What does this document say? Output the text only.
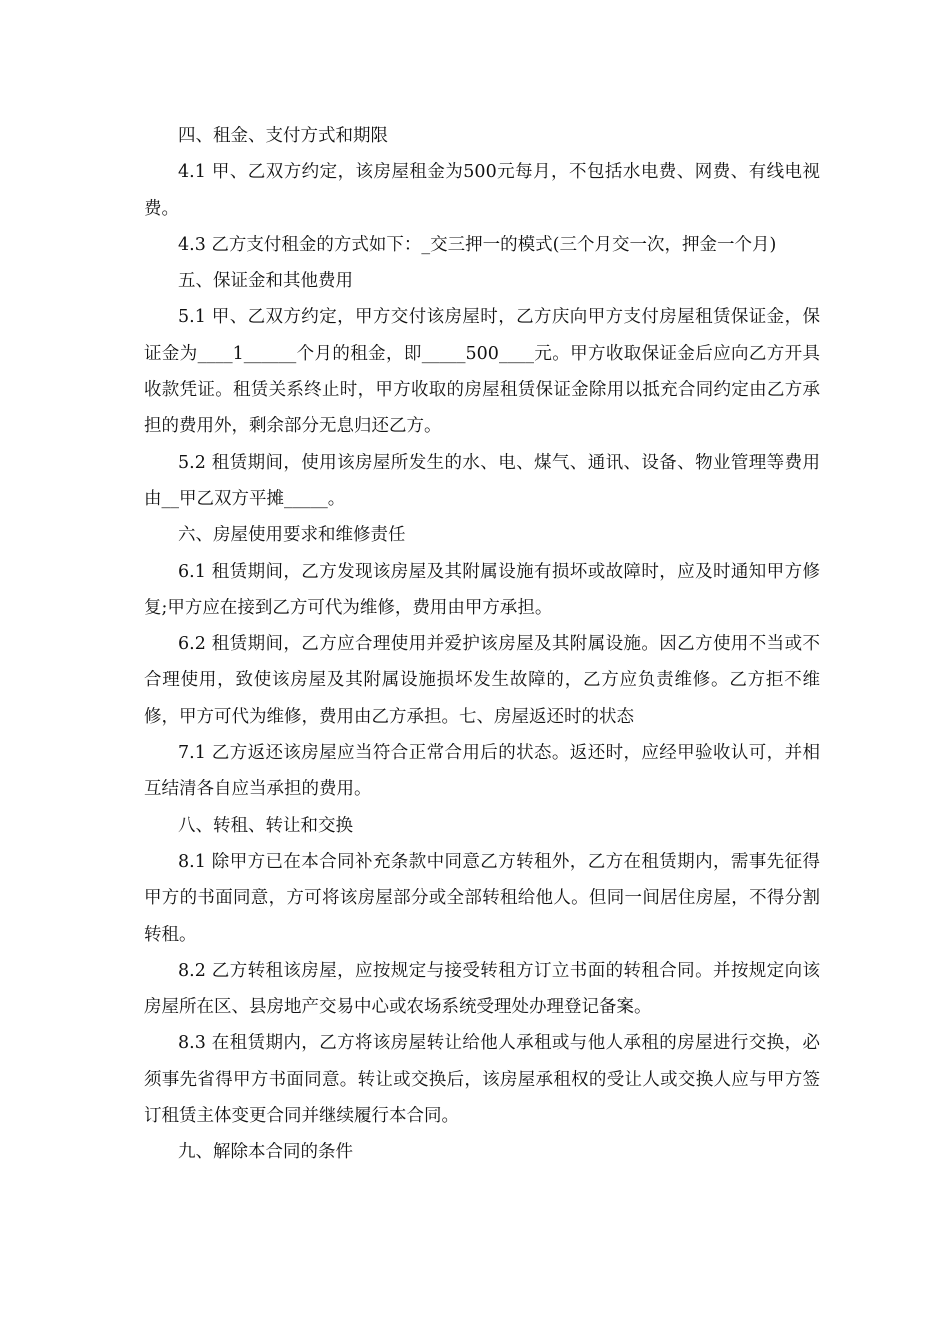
四、租金、支付方式和期限

4.1 甲、乙双方约定，该房屋租金为500元每月，不包括水电费、网费、有线电视费。

4.3 乙方支付租金的方式如下：_交三押一的模式(三个月交一次，押金一个月)

五、保证金和其他费用

5.1 甲、乙双方约定，甲方交付该房屋时，乙方庆向甲方支付房屋租赁保证金，保证金为____1______个月的租金，即_____500____元。甲方收取保证金后应向乙方开具收款凭证。租赁关系终止时，甲方收取的房屋租赁保证金除用以抵充合同约定由乙方承担的费用外，剩余部分无息归还乙方。

5.2 租赁期间，使用该房屋所发生的水、电、煤气、通讯、设备、物业管理等费用由__甲乙双方平摊_____。

六、房屋使用要求和维修责任

6.1 租赁期间，乙方发现该房屋及其附属设施有损坏或故障时，应及时通知甲方修复;甲方应在接到乙方可代为维修，费用由甲方承担。

6.2 租赁期间，乙方应合理使用并爱护该房屋及其附属设施。因乙方使用不当或不合理使用，致使该房屋及其附属设施损坏发生故障的，乙方应负责维修。乙方拒不维修，甲方可代为维修，费用由乙方承担。七、房屋返还时的状态

7.1 乙方返还该房屋应当符合正常合用后的状态。返还时，应经甲验收认可，并相互结清各自应当承担的费用。

八、转租、转让和交换

8.1 除甲方已在本合同补充条款中同意乙方转租外，乙方在租赁期内，需事先征得甲方的书面同意，方可将该房屋部分或全部转租给他人。但同一间居住房屋，不得分割转租。

8.2 乙方转租该房屋，应按规定与接受转租方订立书面的转租合同。并按规定向该房屋所在区、县房地产交易中心或农场系统受理处办理登记备案。

8.3 在租赁期内，乙方将该房屋转让给他人承租或与他人承租的房屋进行交换，必须事先省得甲方书面同意。转让或交换后，该房屋承租权的受让人或交换人应与甲方签订租赁主体变更合同并继续履行本合同。

九、解除本合同的条件
